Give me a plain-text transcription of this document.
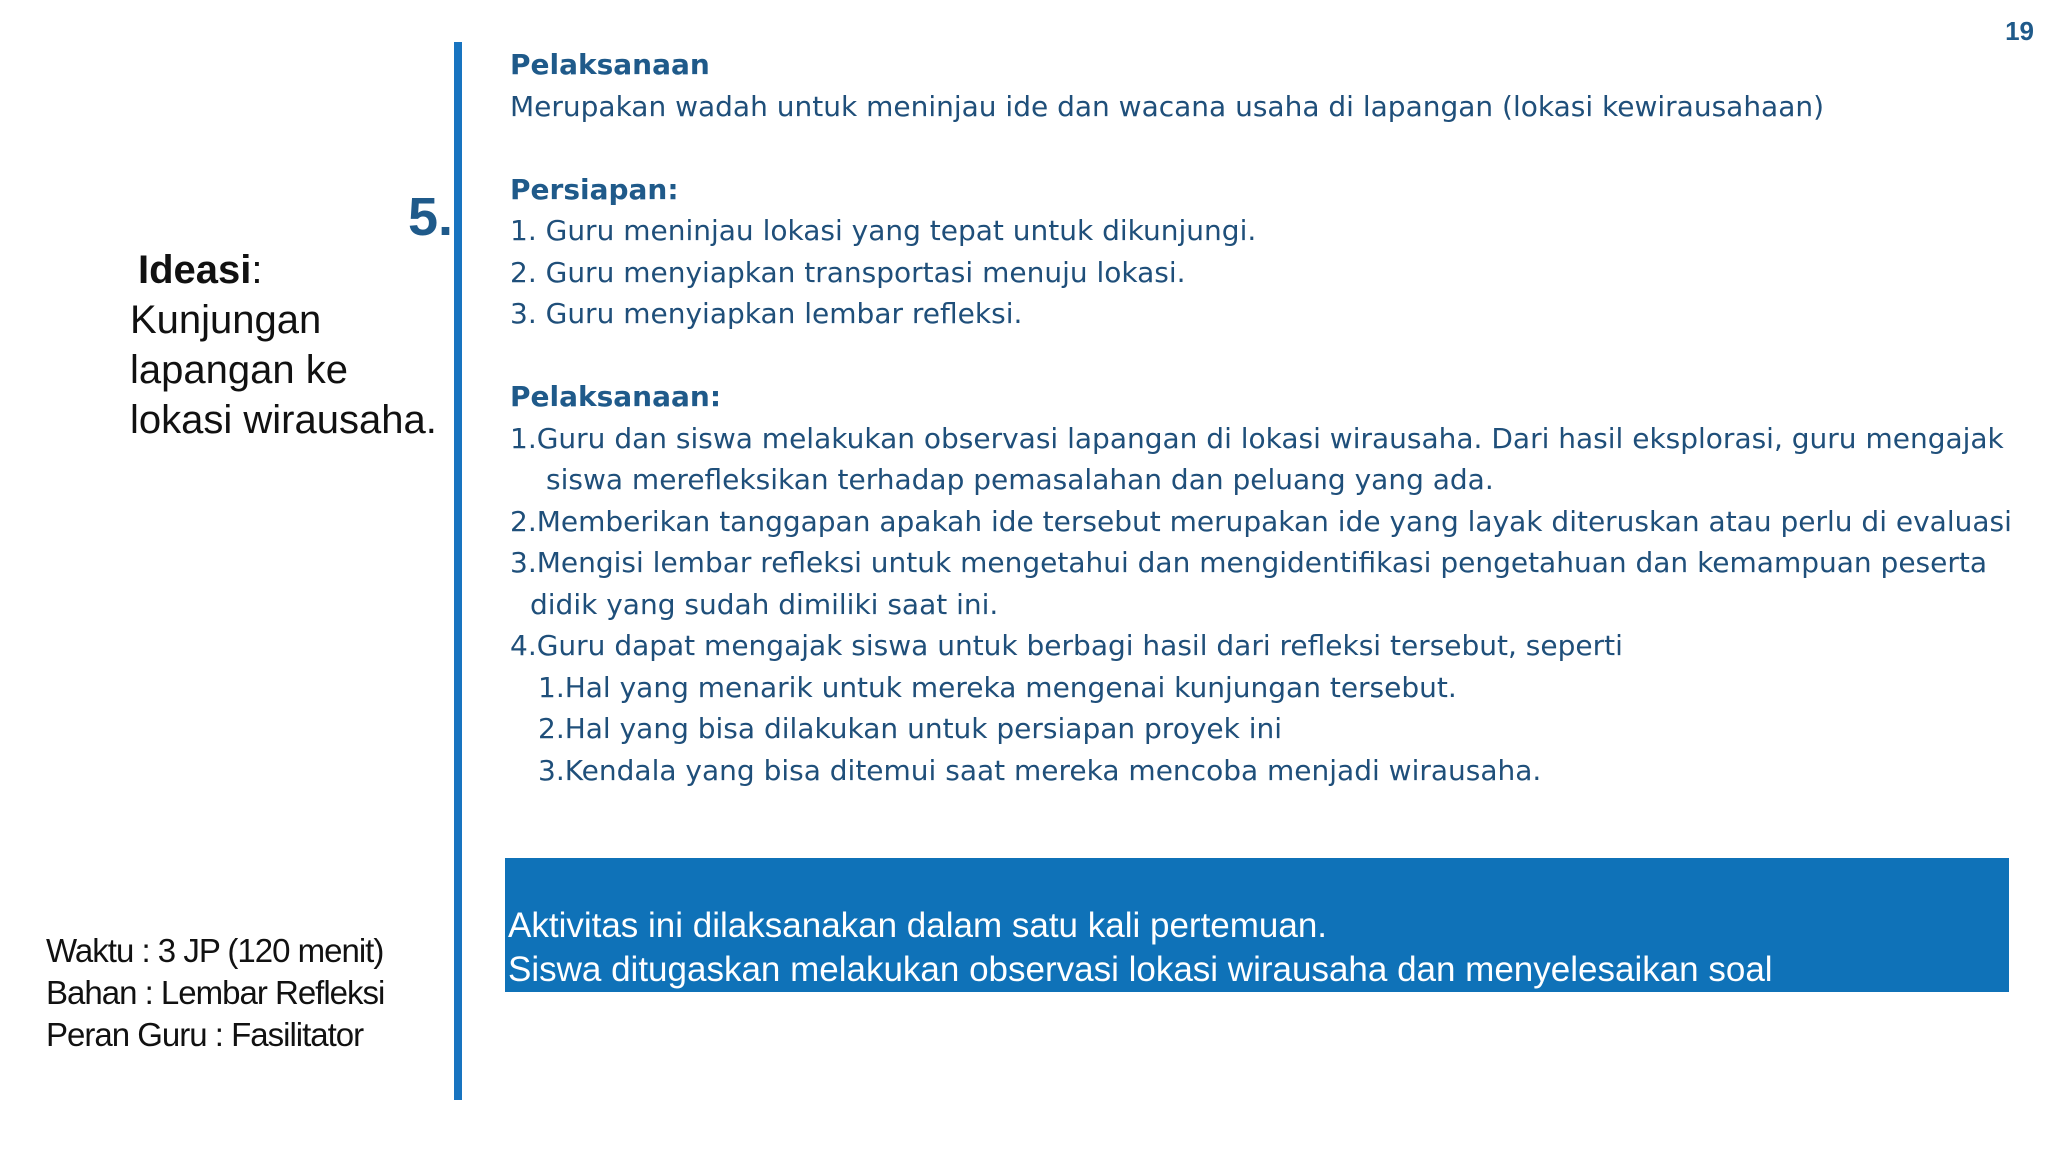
19
5.
Ideasi:
Kunjungan
lapangan ke
lokasi wirausaha.
Waktu : 3 JP (120 menit)
Bahan : Lembar Refleksi
Peran Guru : Fasilitator
Pelaksanaan
Merupakan wadah untuk meninjau ide dan wacana usaha di lapangan (lokasi kewirausahaan)
Persiapan:
1. Guru meninjau lokasi yang tepat untuk dikunjungi.
2. Guru menyiapkan transportasi menuju lokasi.
3. Guru menyiapkan lembar refleksi.
Pelaksanaan:
1.Guru dan siswa melakukan observasi lapangan di lokasi wirausaha. Dari hasil eksplorasi, guru mengajak
siswa merefleksikan terhadap pemasalahan dan peluang yang ada.
2.Memberikan tanggapan apakah ide tersebut merupakan ide yang layak diteruskan atau perlu di evaluasi
3.Mengisi lembar refleksi untuk mengetahui dan mengidentifikasi pengetahuan dan kemampuan peserta
didik yang sudah dimiliki saat ini.
4.Guru dapat mengajak siswa untuk berbagi hasil dari refleksi tersebut, seperti
1.Hal yang menarik untuk mereka mengenai kunjungan tersebut.
2.Hal yang bisa dilakukan untuk persiapan proyek ini
3.Kendala yang bisa ditemui saat mereka mencoba menjadi wirausaha.
Aktivitas ini dilaksanakan dalam satu kali pertemuan.
Siswa ditugaskan melakukan observasi lokasi wirausaha dan menyelesaikan soal
